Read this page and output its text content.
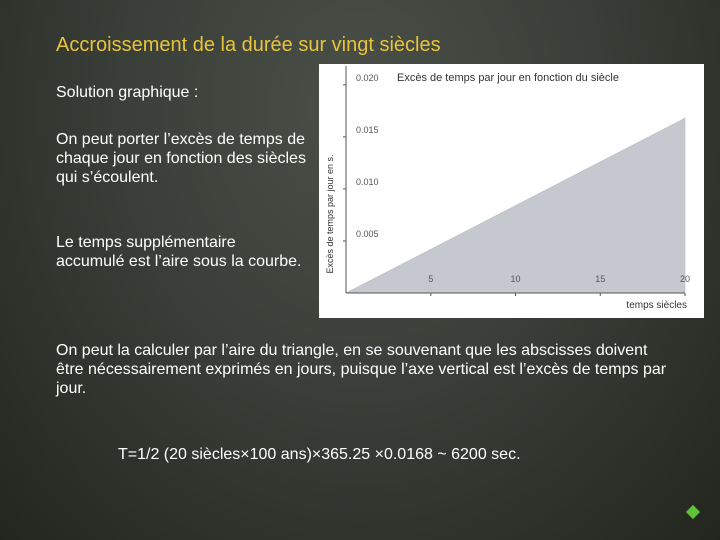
Accroissement de la durée sur vingt siècles
Solution graphique :
On peut porter l’excès de temps de chaque jour en fonction des siècles qui s’écoulent.
Le temps supplémentaire accumulé est l’aire sous la courbe.
On peut la calculer par l’aire du triangle, en se souvenant que les abscisses doivent être nécessairement exprimés en jours, puisque l’axe vertical est l’excès de temps par jour.
T=1/2 (20 siècles×100 ans)×365.25 ×0.0168 ~ 6200 sec.
0.005
0.010
0.015
0.020
5	10	15	20
Excès de temps par jour en fonction du siècle
Excès de temps par jour en s.
temps siècles
